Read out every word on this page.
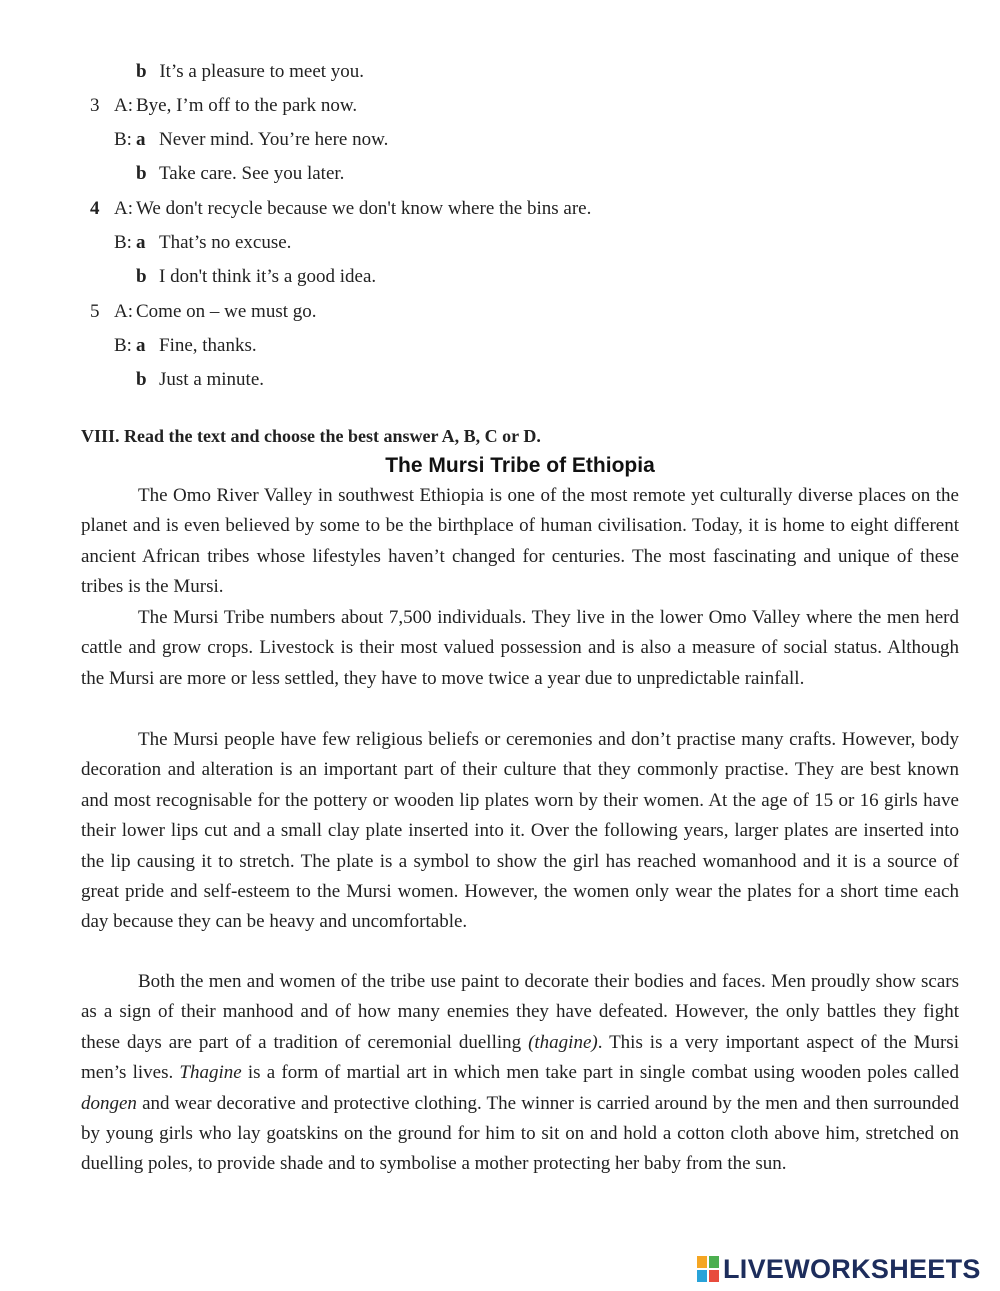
b It’s a pleasure to meet you.
3 A: Bye, I’m off to the park now.
B: a Never mind. You’re here now.
b Take care. See you later.
4 A: We don't recycle because we don't know where the bins are.
B: a That’s no excuse.
b I don't think it’s a good idea.
5 A: Come on – we must go.
B: a Fine, thanks.
b Just a minute.
VIII. Read the text and choose the best answer A, B, C or D.
The Mursi Tribe of Ethiopia

The Omo River Valley in southwest Ethiopia is one of the most remote yet culturally diverse places on the planet and is even believed by some to be the birthplace of human civilisation. Today, it is home to eight different ancient African tribes whose lifestyles haven’t changed for centuries. The most fascinating and unique of these tribes is the Mursi.

The Mursi Tribe numbers about 7,500 individuals. They live in the lower Omo Valley where the men herd cattle and grow crops. Livestock is their most valued possession and is also a measure of social status. Although the Mursi are more or less settled, they have to move twice a year due to unpredictable rainfall.

The Mursi people have few religious beliefs or ceremonies and don’t practise many crafts. However, body decoration and alteration is an important part of their culture that they commonly practise. They are best known and most recognisable for the pottery or wooden lip plates worn by their women. At the age of 15 or 16 girls have their lower lips cut and a small clay plate inserted into it. Over the following years, larger plates are inserted into the lip causing it to stretch. The plate is a symbol to show the girl has reached womanhood and it is a source of great pride and self-esteem to the Mursi women. However, the women only wear the plates for a short time each day because they can be heavy and uncomfortable.

Both the men and women of the tribe use paint to decorate their bodies and faces. Men proudly show scars as a sign of their manhood and of how many enemies they have defeated. However, the only battles they fight these days are part of a tradition of ceremonial duelling (thagine). This is a very important aspect of the Mursi men’s lives. Thagine is a form of martial art in which men take part in single combat using wooden poles called dongen and wear decorative and protective clothing. The winner is carried around by the men and then surrounded by young girls who lay goatskins on the ground for him to sit on and hold a cotton cloth above him, stretched on duelling poles, to provide shade and to symbolise a mother protecting her baby from the sun.

LIVEWORKSHEETS
